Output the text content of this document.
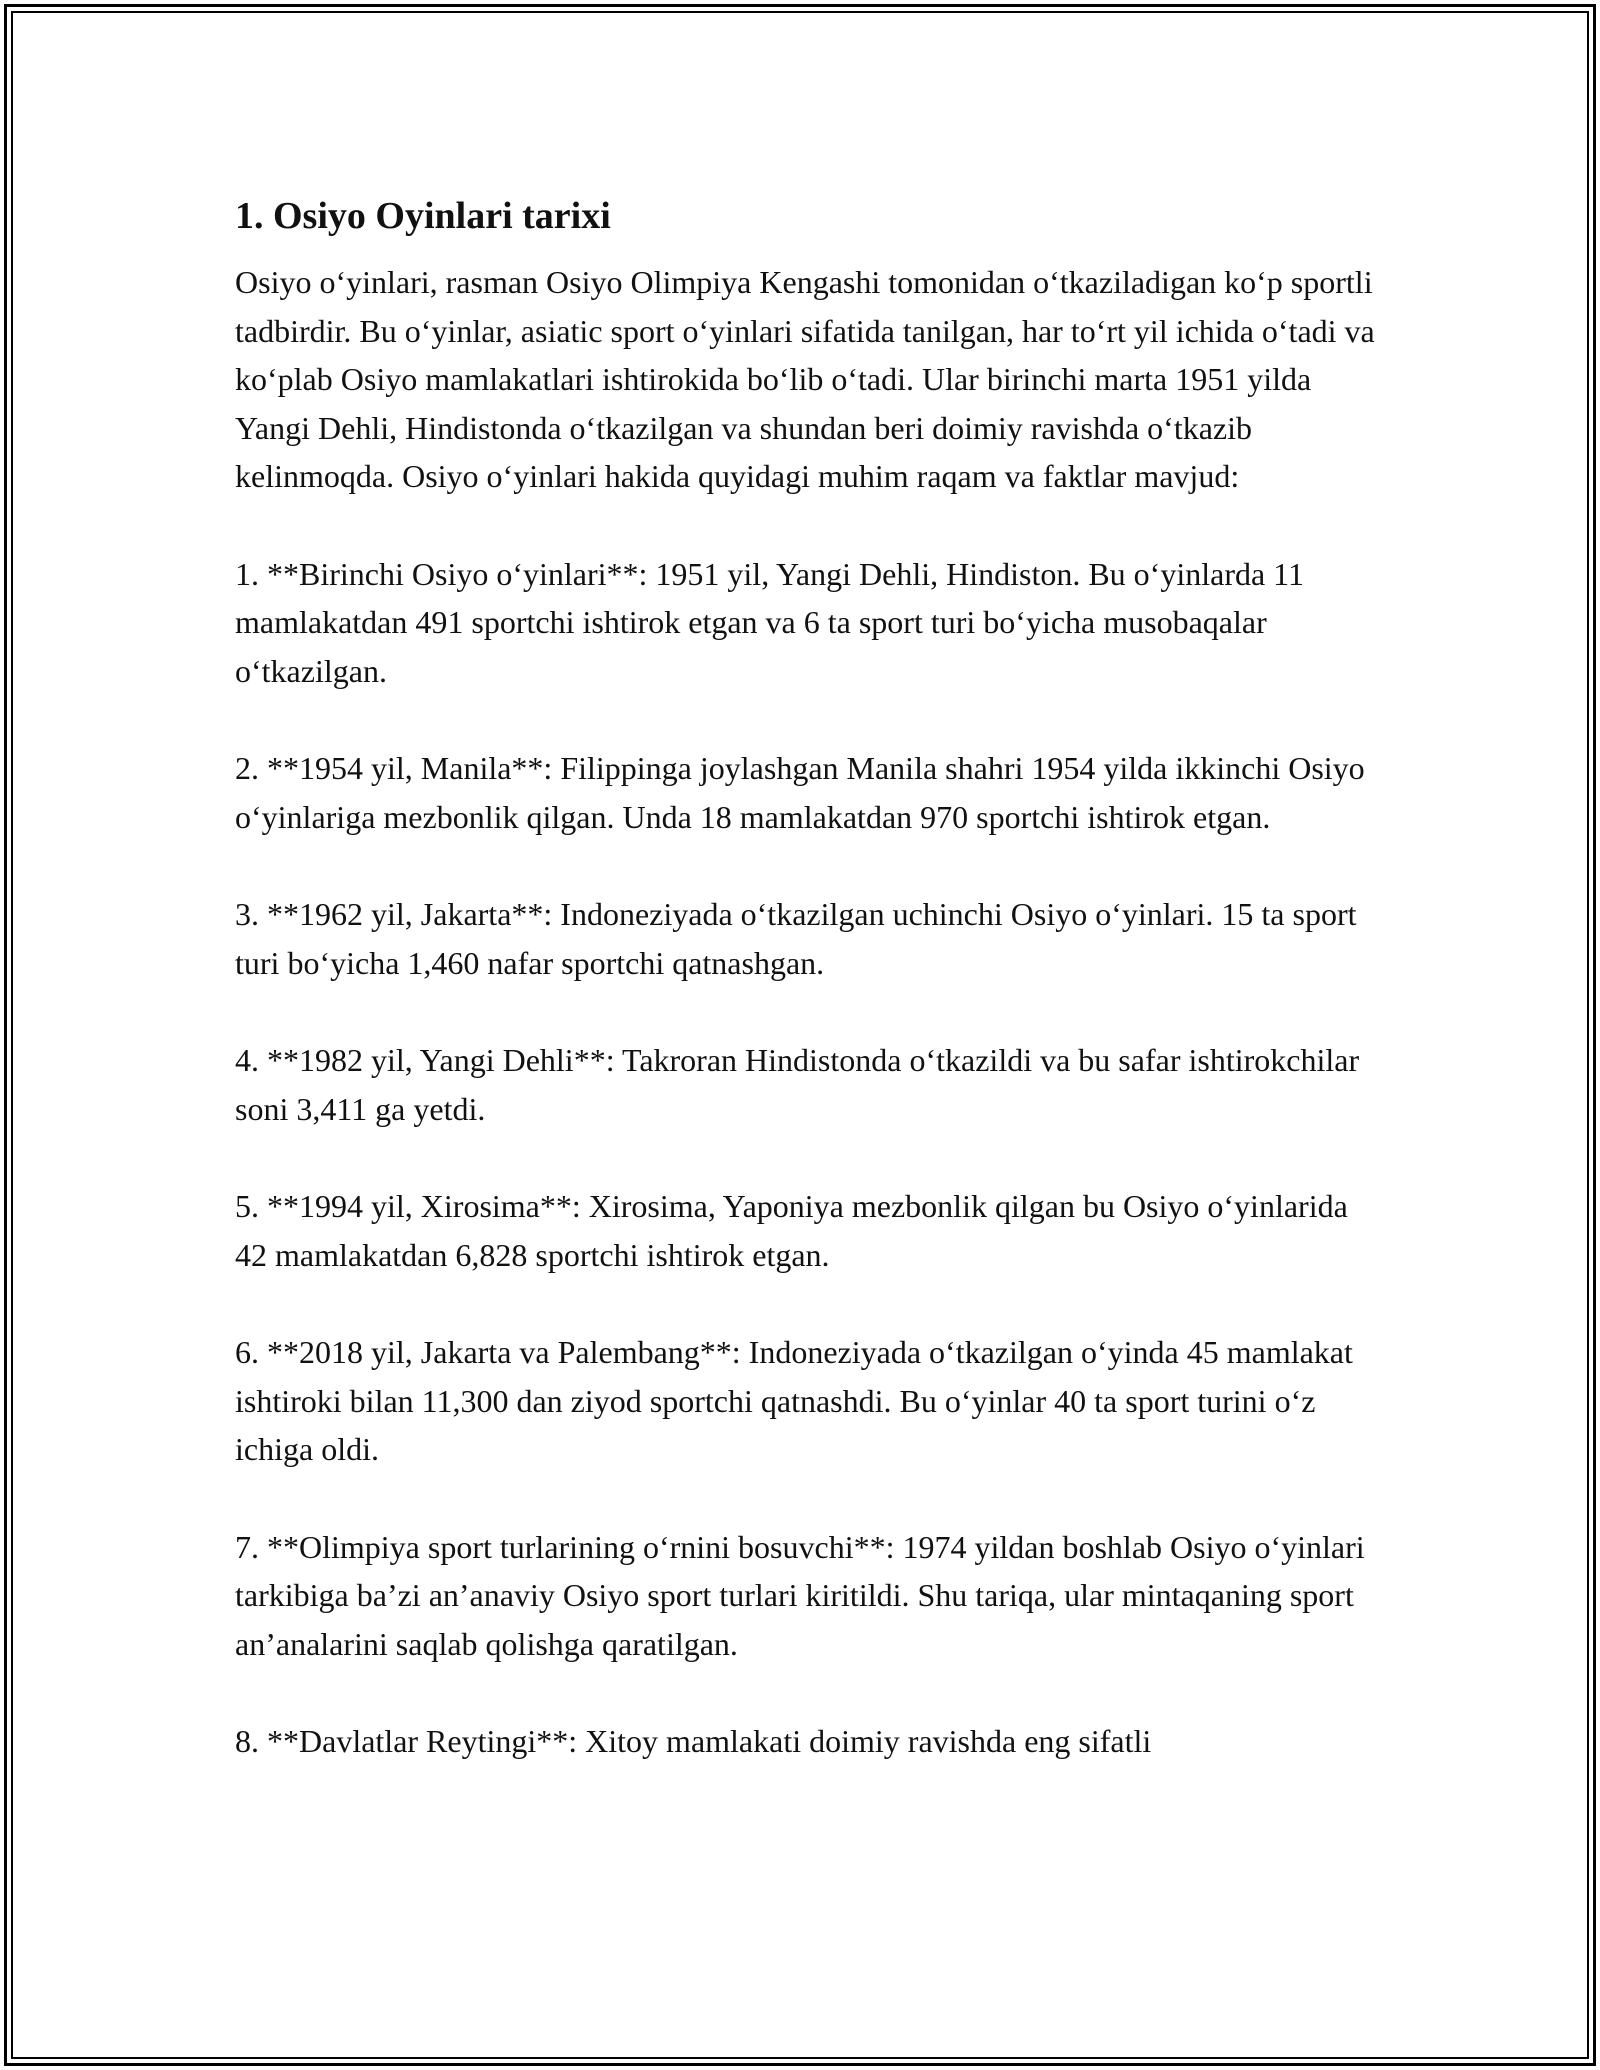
1. Osiyo Oyinlari tarixi

Osiyo o‘yinlari, rasman Osiyo Olimpiya Kengashi tomonidan o‘tkaziladigan ko‘p sportli tadbirdir. Bu o‘yinlar, asiatic sport o‘yinlari sifatida tanilgan, har to‘rt yil ichida o‘tadi va ko‘plab Osiyo mamlakatlari ishtirokida bo‘lib o‘tadi. Ular birinchi marta 1951 yilda Yangi Dehli, Hindistonda o‘tkazilgan va shundan beri doimiy ravishda o‘tkazib kelinmoqda. Osiyo o‘yinlari hakida quyidagi muhim raqam va faktlar mavjud:

1. **Birinchi Osiyo o‘yinlari**: 1951 yil, Yangi Dehli, Hindiston. Bu o‘yinlarda 11 mamlakatdan 491 sportchi ishtirok etgan va 6 ta sport turi bo‘yicha musobaqalar o‘tkazilgan.

2. **1954 yil, Manila**: Filippinga joylashgan Manila shahri 1954 yilda ikkinchi Osiyo o‘yinlariga mezbonlik qilgan. Unda 18 mamlakatdan 970 sportchi ishtirok etgan.

3. **1962 yil, Jakarta**: Indoneziyada o‘tkazilgan uchinchi Osiyo o‘yinlari. 15 ta sport turi bo‘yicha 1,460 nafar sportchi qatnashgan.

4. **1982 yil, Yangi Dehli**: Takroran Hindistonda o‘tkazildi va bu safar ishtirokchilar soni 3,411 ga yetdi.

5. **1994 yil, Xirosima**: Xirosima, Yaponiya mezbonlik qilgan bu Osiyo o‘yinlarida 42 mamlakatdan 6,828 sportchi ishtirok etgan.

6. **2018 yil, Jakarta va Palembang**: Indoneziyada o‘tkazilgan o‘yinda 45 mamlakat ishtiroki bilan 11,300 dan ziyod sportchi qatnashdi. Bu o‘yinlar 40 ta sport turini o‘z ichiga oldi.

7. **Olimpiya sport turlarining o‘rnini bosuvchi**: 1974 yildan boshlab Osiyo o‘yinlari tarkibiga ba’zi an’anaviy Osiyo sport turlari kiritildi. Shu tariqa, ular mintaqaning sport an’analarini saqlab qolishga qaratilgan.

8. **Davlatlar Reytingi**: Xitoy mamlakati doimiy ravishda eng sifatli
